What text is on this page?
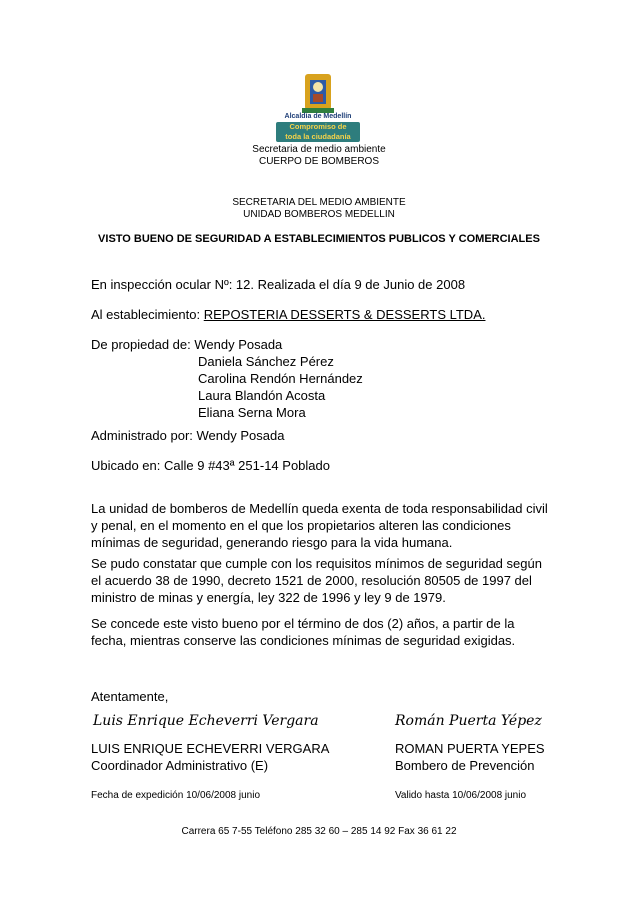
Alcaldía de Medellín
Compromiso de
toda la ciudadanía
Secretaria de medio ambiente
CUERPO DE BOMBEROS
SECRETARIA DEL MEDIO AMBIENTE
UNIDAD BOMBEROS MEDELLIN
VISTO BUENO DE SEGURIDAD A ESTABLECIMIENTOS PUBLICOS Y COMERCIALES
En inspección ocular Nº: 12. Realizada el día 9 de Junio de 2008
Al establecimiento: REPOSTERIA DESSERTS & DESSERTS LTDA.
De propiedad de: Wendy Posada
Daniela Sánchez Pérez
Carolina Rendón Hernández
Laura Blandón Acosta
Eliana Serna Mora
Administrado por: Wendy Posada
Ubicado en: Calle 9 #43ª 251-14 Poblado
La unidad de bomberos de Medellín queda exenta de toda responsabilidad civil
y penal, en el momento en el que los propietarios alteren las condiciones
mínimas de seguridad, generando riesgo para la vida humana.
Se pudo constatar que cumple con los requisitos mínimos de seguridad según
el acuerdo 38 de 1990, decreto 1521 de 2000, resolución 80505 de 1997 del
ministro de minas y energía, ley 322 de 1996 y ley 9 de 1979.
Se concede este visto bueno por el término de dos (2) años, a partir de la
fecha, mientras conserve las condiciones mínimas de seguridad exigidas.
Atentamente,
Luis Enrique Echeverri Vergara	Román Puerta Yépez
LUIS ENRIQUE ECHEVERRI VERGARA	ROMAN PUERTA YEPES
Coordinador Administrativo (E)	Bombero de Prevención
Fecha de expedición 10/06/2008 junio	Valido hasta 10/06/2008 junio
Carrera 65 7-55 Teléfono 285 32 60 – 285 14 92 Fax 36 61 22
